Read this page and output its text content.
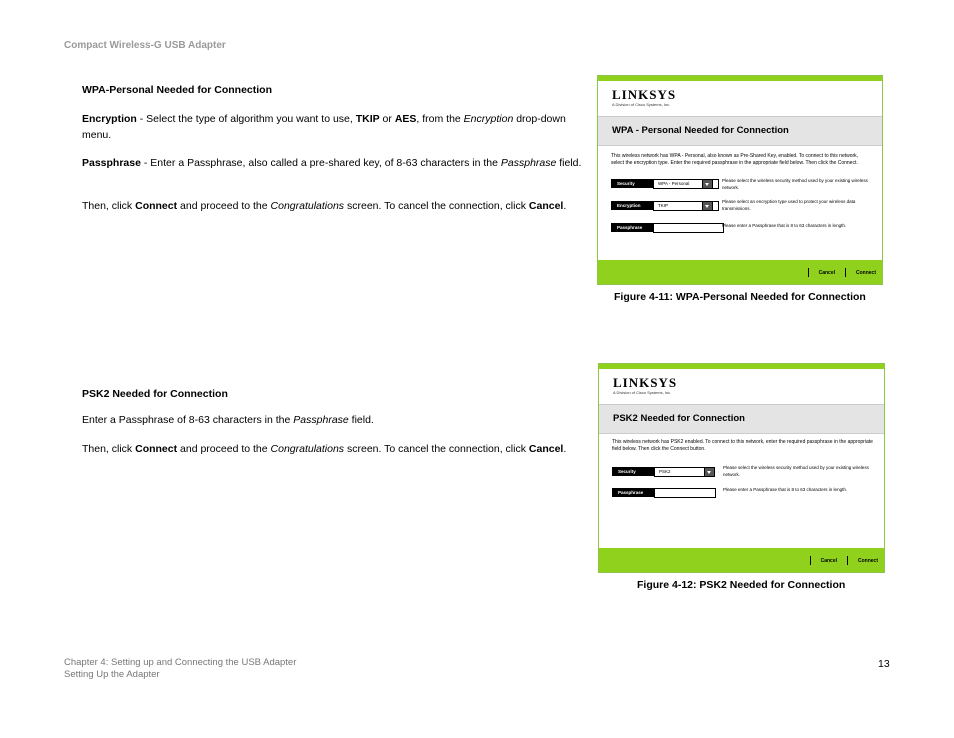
Compact Wireless-G USB Adapter
WPA-Personal Needed for Connection
Encryption - Select the type of algorithm you want to use, TKIP or AES, from the Encryption drop-down menu.
Passphrase - Enter a Passphrase, also called a pre-shared key, of 8-63 characters in the Passphrase field.
Then, click Connect and proceed to the Congratulations screen. To cancel the connection, click Cancel.
LINKSYS
A Division of Cisco Systems, Inc.
WPA - Personal Needed for Connection
This wireless network has WPA - Personal, also known as Pre-Shared Key, enabled. To connect to this network, select the encryption type. Enter the required passphrase in the appropriate field below. Then click the Connect.
Security	WPA - Personal
Please select the wireless security method used by your existing wireless network.
Encryption	TKIP
Please select an encryption type used to protect your wireless data transmissions.
Passphrase	Please enter a Passphrase that is 8 to 63 characters in length.
Cancel	Connect
Figure 4-11: WPA-Personal Needed for Connection
PSK2 Needed for Connection
Enter a Passphrase of 8-63 characters in the Passphrase field.
Then, click Connect and proceed to the Congratulations screen. To cancel the connection, click Cancel.
LINKSYS
A Division of Cisco Systems, Inc.
PSK2 Needed for Connection
This wireless network has PSK2 enabled. To connect to this network, enter the required passphrase in the appropriate field below. Then click the Connect button.
Security	PSK2
Please select the wireless security method used by your existing wireless network.
Passphrase
Please enter a Passphrase that is 8 to 63 characters in length.
Cancel	Connect
Figure 4-12: PSK2 Needed for Connection
Chapter 4: Setting up and Connecting the USB Adapter
Setting Up the Adapter
13
